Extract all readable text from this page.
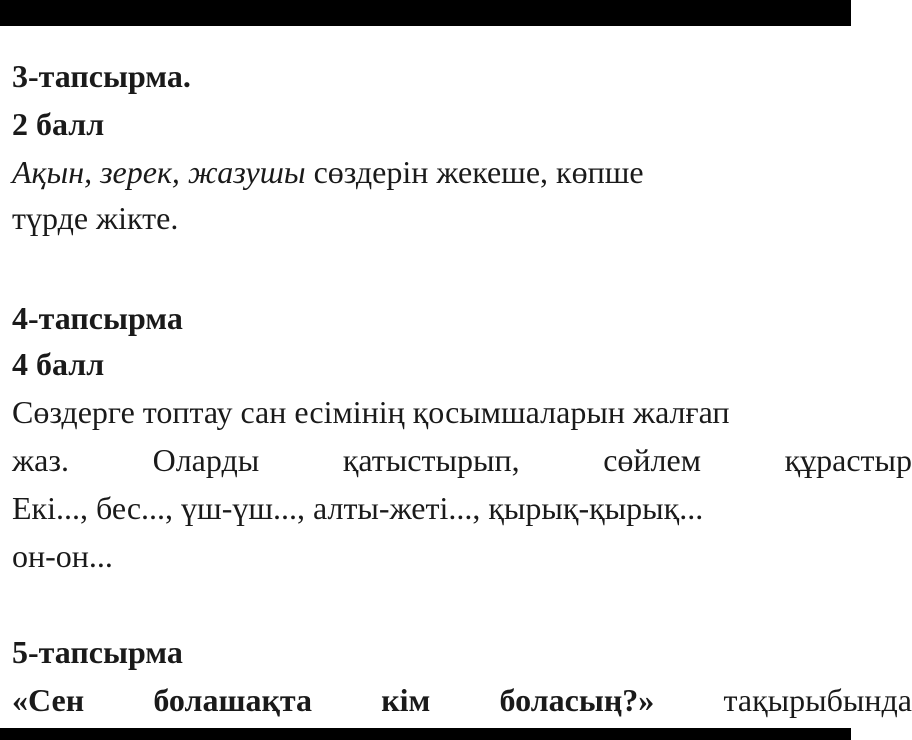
3-тапсырма.

2 балл

Ақын, зерек, жазушы сөздерін жекеше, көпше

түрде жікте.

4-тапсырма

4 балл

Сөздерге топтау сан есімінің қосымшаларын жалғап

жаз.	Оларды	қатыстырып,	сөйлем	құрастыр

Екі..., бес..., үш-үш..., алты-жеті..., қырық-қырық...

он-он...

5-тапсырма

«Сен болашақта кім боласың?» тақырыбында
